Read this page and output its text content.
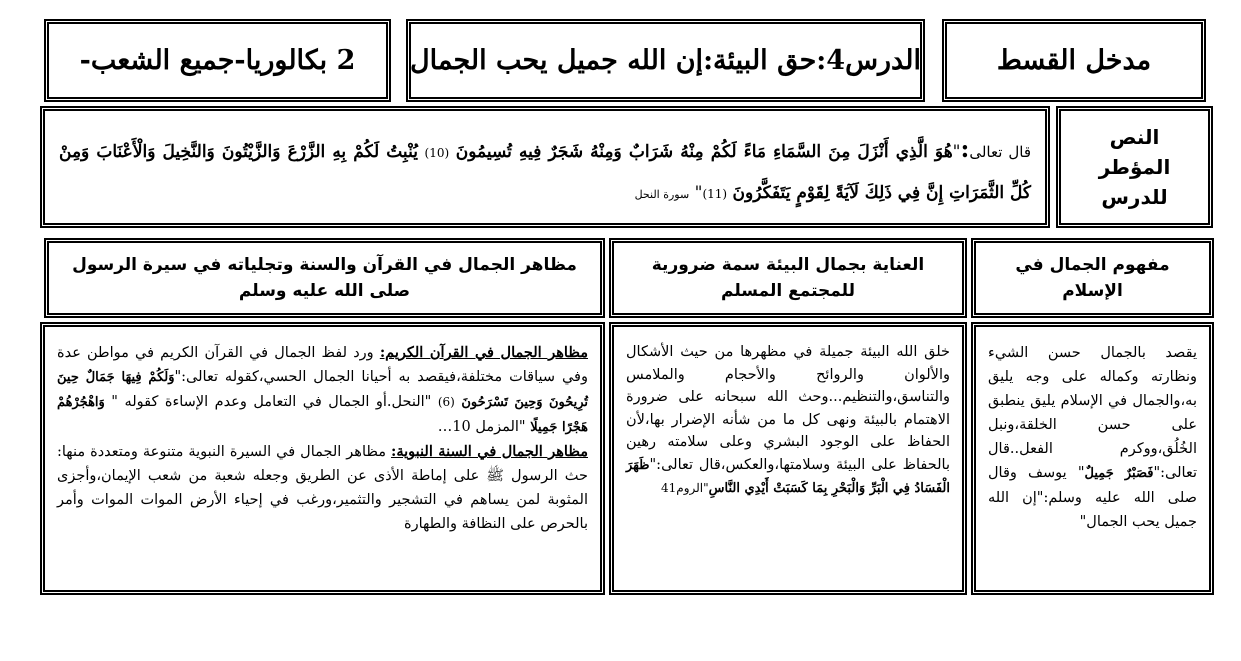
مدخل القسط
الدرس4:حق البيئة:إن الله جميل يحب الجمال
2 بكالوريا-جميع الشعب-
النص
المؤطر
للدرس
قال تعالى:"هُوَ الَّذِي أَنْزَلَ مِنَ السَّمَاءِ مَاءً لَكُمْ مِنْهُ شَرَابٌ وَمِنْهُ شَجَرٌ فِيهِ تُسِيمُونَ (10) يُنْبِتُ لَكُمْ بِهِ الزَّرْعَ وَالزَّيْتُونَ وَالنَّخِيلَ وَالْأَعْنَابَ وَمِنْ كُلِّ الثَّمَرَاتِ إِنَّ فِي ذَلِكَ لَآيَةً لِقَوْمٍ يَتَفَكَّرُونَ (11)" سورة النحل
مفهوم الجمال في الإسلام
العناية بجمال البيئة سمة ضرورية للمجتمع المسلم
مظاهر الجمال في القرآن والسنة وتجلياته في سيرة الرسول صلى الله عليه وسلم
يقصد بالجمال حسن الشيء ونظارته وكماله على وجه يليق به،والجمال في الإسلام يليق ينطبق على حسن الخلقة،ونبل الخُلُق،ووكرم الفعل..قال تعالى:"فَصَبْرٌ جَمِيلٌ" يوسف وقال صلى الله عليه وسلم:"إن الله جميل يحب الجمال"
خلق الله البيئة جميلة في مظهرها من حيث الأشكال والألوان والروائح والأحجام والملامس والتناسق،والتنظيم...وحث الله سبحانه على ضرورة الاهتمام بالبيئة ونهى كل ما من شأنه الإضرار بها،لأن الحفاظ على الوجود البشري وعلى سلامته رهين بالحفاظ على البيئة وسلامتها،والعكس،قال تعالى:"ظَهَرَ الْفَسَادُ فِي الْبَرِّ وَالْبَحْرِ بِمَا كَسَبَتْ أَيْدِي النَّاسِ"الروم41
مظاهر الجمال في القرآن الكريم: ورد لفظ الجمال في القرآن الكريم في مواطن عدة وفي سياقات مختلفة،فيقصد به أحيانا الجمال الحسي،كقوله تعالى:"وَلَكُمْ فِيهَا جَمَالٌ حِينَ تُرِيحُونَ وَحِينَ تَسْرَحُونَ (6) "النحل.أو الجمال في التعامل وعدم الإساءة كقوله " وَاهْجُرْهُمْ هَجْرًا جَمِيلًا "المزمل 10…
مظاهر الجمال في السنة النبوية: مظاهر الجمال في السيرة النبوية متنوعة ومتعددة منها: حث الرسول ﷺ على إماطة الأذى عن الطريق وجعله شعبة من شعب الإيمان،وأجزى المثوبة لمن يساهم في التشجير والتثمير،ورغب في إحياء الأرض الموات الموات وأمر بالحرص على النظافة والطهارة
